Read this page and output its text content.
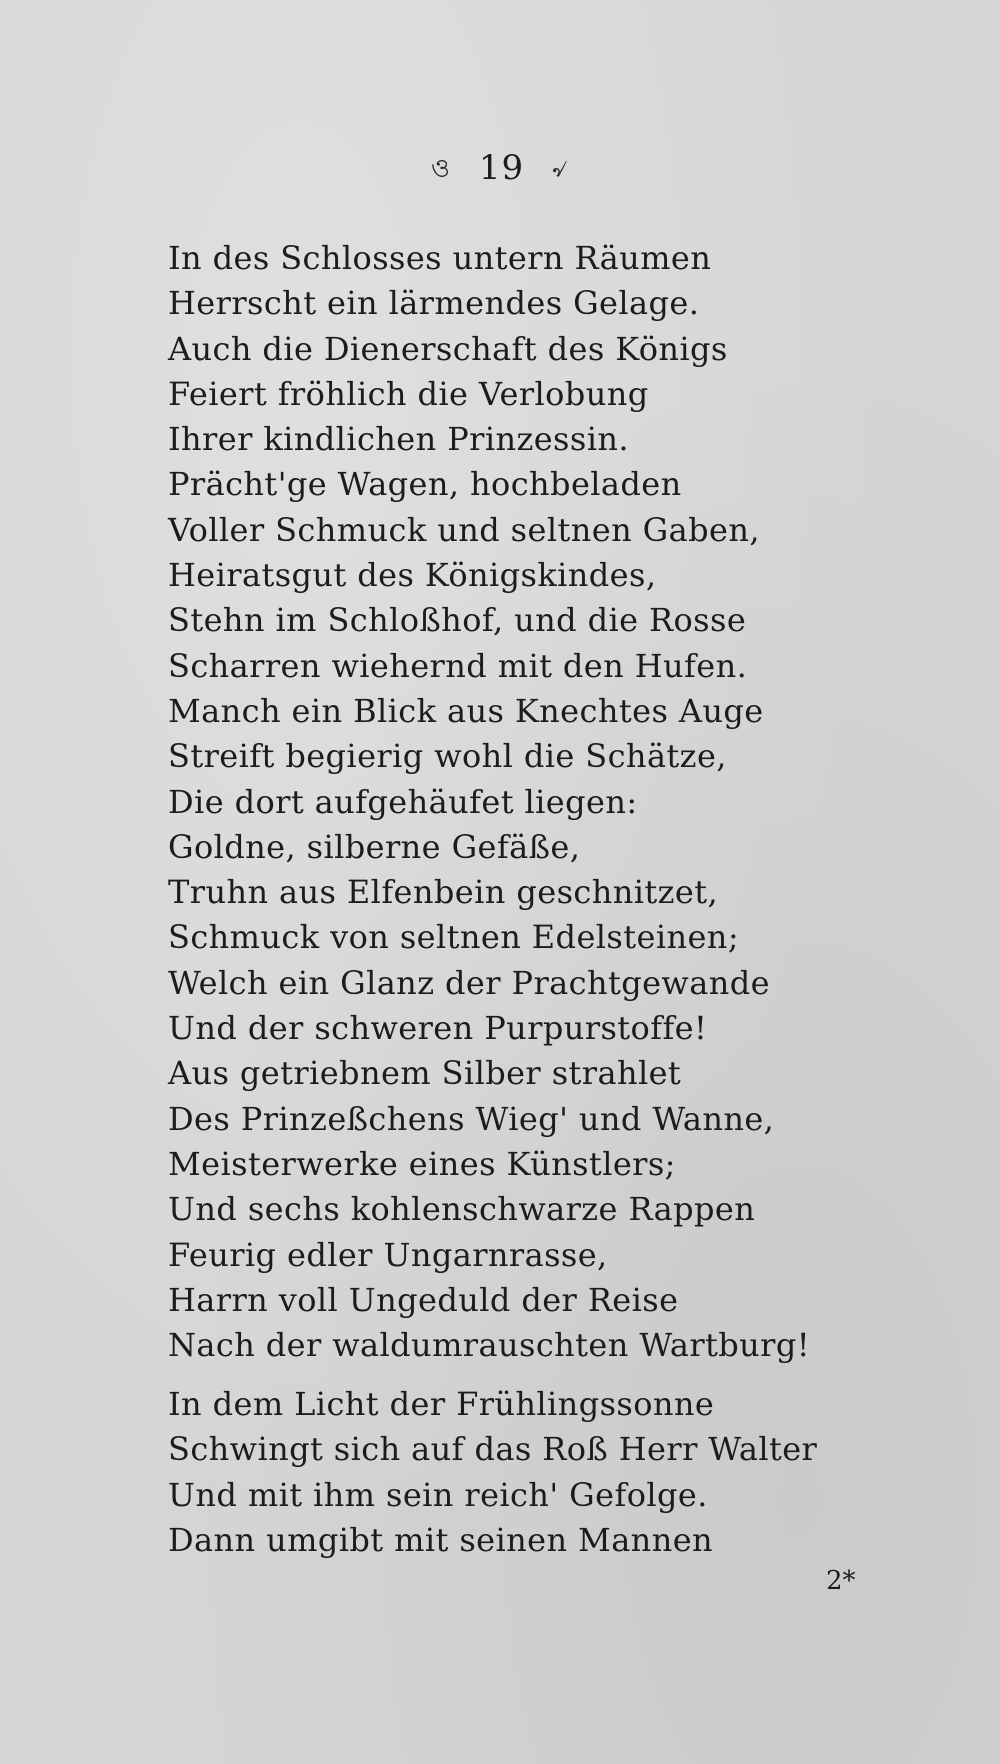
ও 19 ৵
In des Schlosses untern Räumen
Herrscht ein lärmendes Gelage.
Auch die Dienerschaft des Königs
Feiert fröhlich die Verlobung
Ihrer kindlichen Prinzessin.
Prächt'ge Wagen, hochbeladen
Voller Schmuck und seltnen Gaben,
Heiratsgut des Königskindes,
Stehn im Schloßhof, und die Rosse
Scharren wiehernd mit den Hufen.
Manch ein Blick aus Knechtes Auge
Streift begierig wohl die Schätze,
Die dort aufgehäufet liegen:
Goldne, silberne Gefäße,
Truhn aus Elfenbein geschnitzet,
Schmuck von seltnen Edelsteinen;
Welch ein Glanz der Prachtgewande
Und der schweren Purpurstoffe!
Aus getriebnem Silber strahlet
Des Prinzeßchens Wieg' und Wanne,
Meisterwerke eines Künstlers;
Und sechs kohlenschwarze Rappen
Feurig edler Ungarnrasse,
Harrn voll Ungeduld der Reise
Nach der waldumrauschten Wartburg!
In dem Licht der Frühlingssonne
Schwingt sich auf das Roß Herr Walter
Und mit ihm sein reich' Gefolge.
Dann umgibt mit seinen Mannen
2*
